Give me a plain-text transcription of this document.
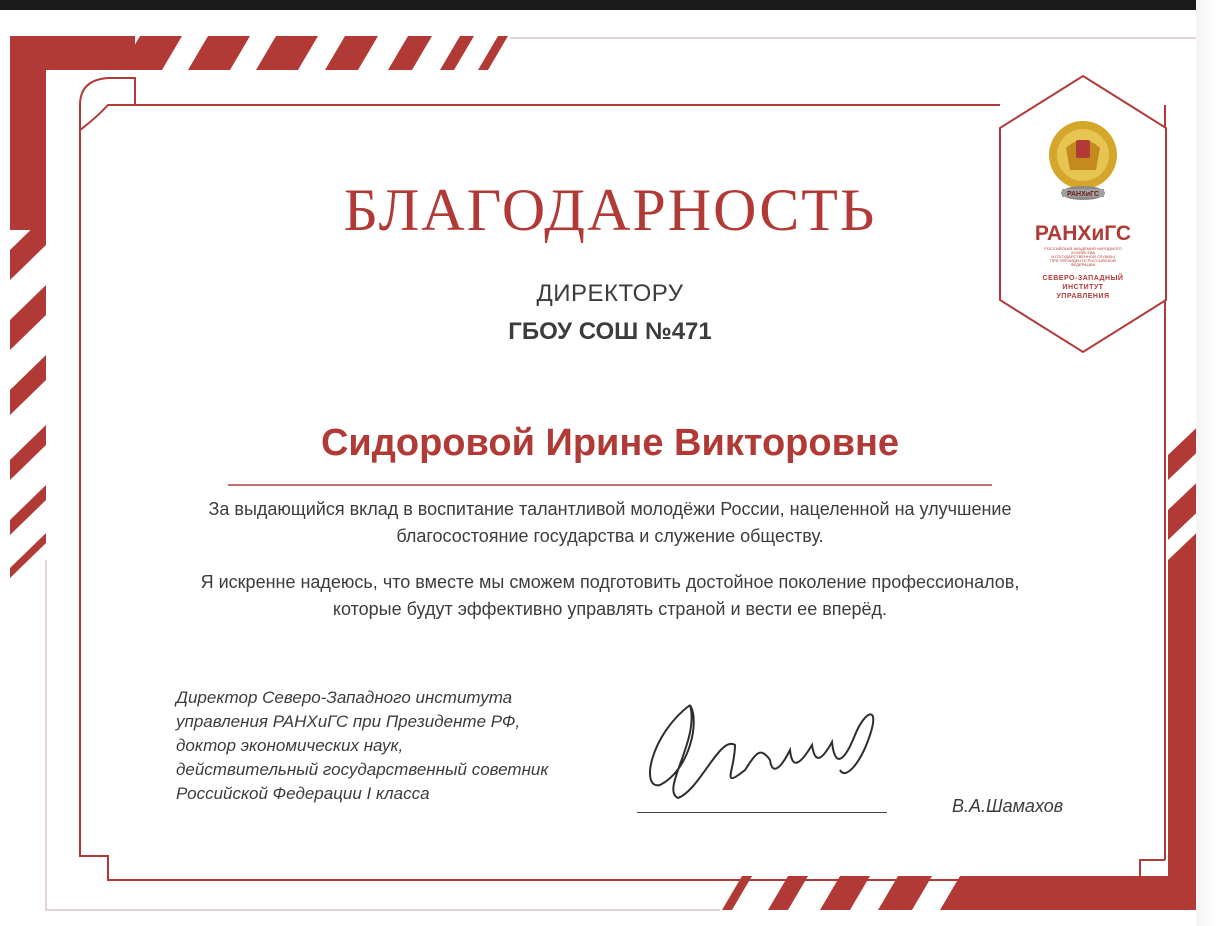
РАНХиГС
БЛАГОДАРНОСТЬ
ДИРЕКТОРУ
ГБОУ СОШ №471
Сидоровой Ирине Викторовне
За выдающийся вклад в воспитание талантливой молодёжи России, нацеленной на улучшение
благосостояние государства и служение обществу.
Я искренне надеюсь, что вместе мы сможем подготовить достойное поколение профессионалов,
которые будут эффективно управлять страной и вести ее вперёд.
Директор Северо-Западного института
управления РАНХиГС при Президенте РФ,
доктор экономических наук,
действительный государственный советник
Российской Федерации I класса
В.А.Шамахов
РАНХиГС
РОССИЙСКАЯ АКАДЕМИЯ НАРОДНОГО ХОЗЯЙСТВА
И ГОСУДАРСТВЕННОЙ СЛУЖБЫ
ПРИ ПРЕЗИДЕНТЕ РОССИЙСКОЙ ФЕДЕРАЦИИ
СЕВЕРО-ЗАПАДНЫЙ
ИНСТИТУТ
УПРАВЛЕНИЯ
